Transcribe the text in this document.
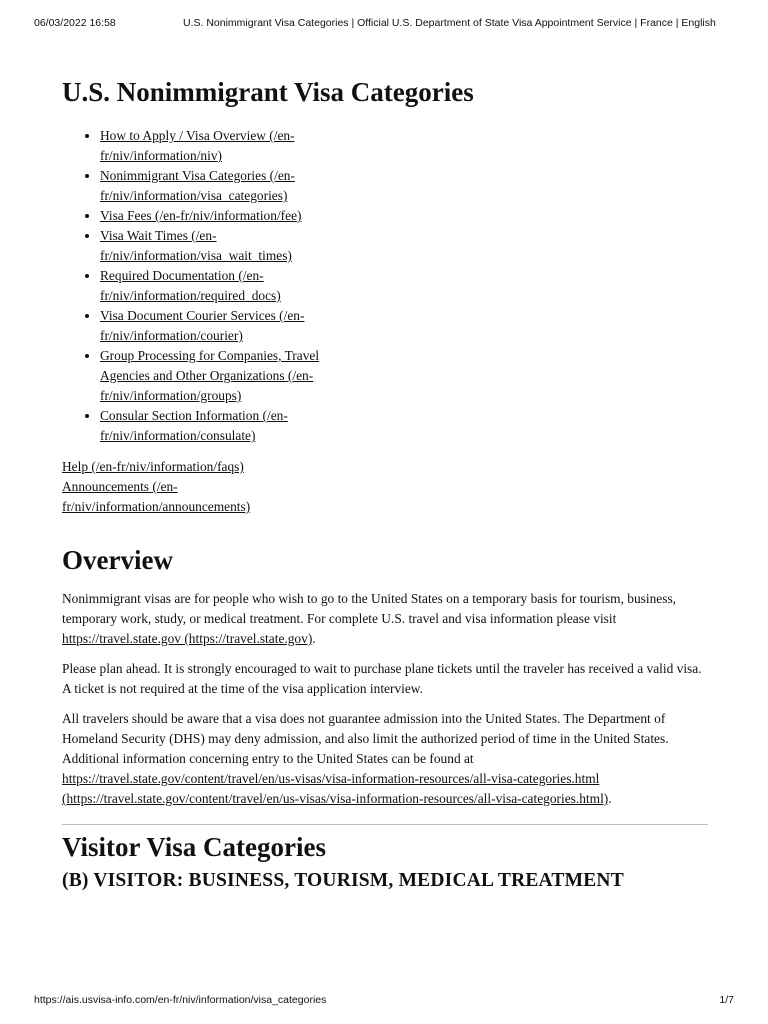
06/03/2022 16:58	U.S. Nonimmigrant Visa Categories | Official U.S. Department of State Visa Appointment Service | France | English
U.S. Nonimmigrant Visa Categories
• How to Apply / Visa Overview (/en-fr/niv/information/niv)
• Nonimmigrant Visa Categories (/en-fr/niv/information/visa_categories)
• Visa Fees (/en-fr/niv/information/fee)
• Visa Wait Times (/en-fr/niv/information/visa_wait_times)
• Required Documentation (/en-fr/niv/information/required_docs)
• Visa Document Courier Services (/en-fr/niv/information/courier)
• Group Processing for Companies, Travel Agencies and Other Organizations (/en-fr/niv/information/groups)
• Consular Section Information (/en-fr/niv/information/consulate)
Help (/en-fr/niv/information/faqs)
Announcements (/en-fr/niv/information/announcements)
Overview

Nonimmigrant visas are for people who wish to go to the United States on a temporary basis for tourism, business, temporary work, study, or medical treatment. For complete U.S. travel and visa information please visit https://travel.state.gov (https://travel.state.gov).

Please plan ahead. It is strongly encouraged to wait to purchase plane tickets until the traveler has received a valid visa. A ticket is not required at the time of the visa application interview.

All travelers should be aware that a visa does not guarantee admission into the United States. The Department of Homeland Security (DHS) may deny admission, and also limit the authorized period of time in the United States. Additional information concerning entry to the United States can be found at https://travel.state.gov/content/travel/en/us-visas/visa-information-resources/all-visa-categories.html (https://travel.state.gov/content/travel/en/us-visas/visa-information-resources/all-visa-categories.html).

Visitor Visa Categories
(B) VISITOR: BUSINESS, TOURISM, MEDICAL TREATMENT
https://ais.usvisa-info.com/en-fr/niv/information/visa_categories	1/7
